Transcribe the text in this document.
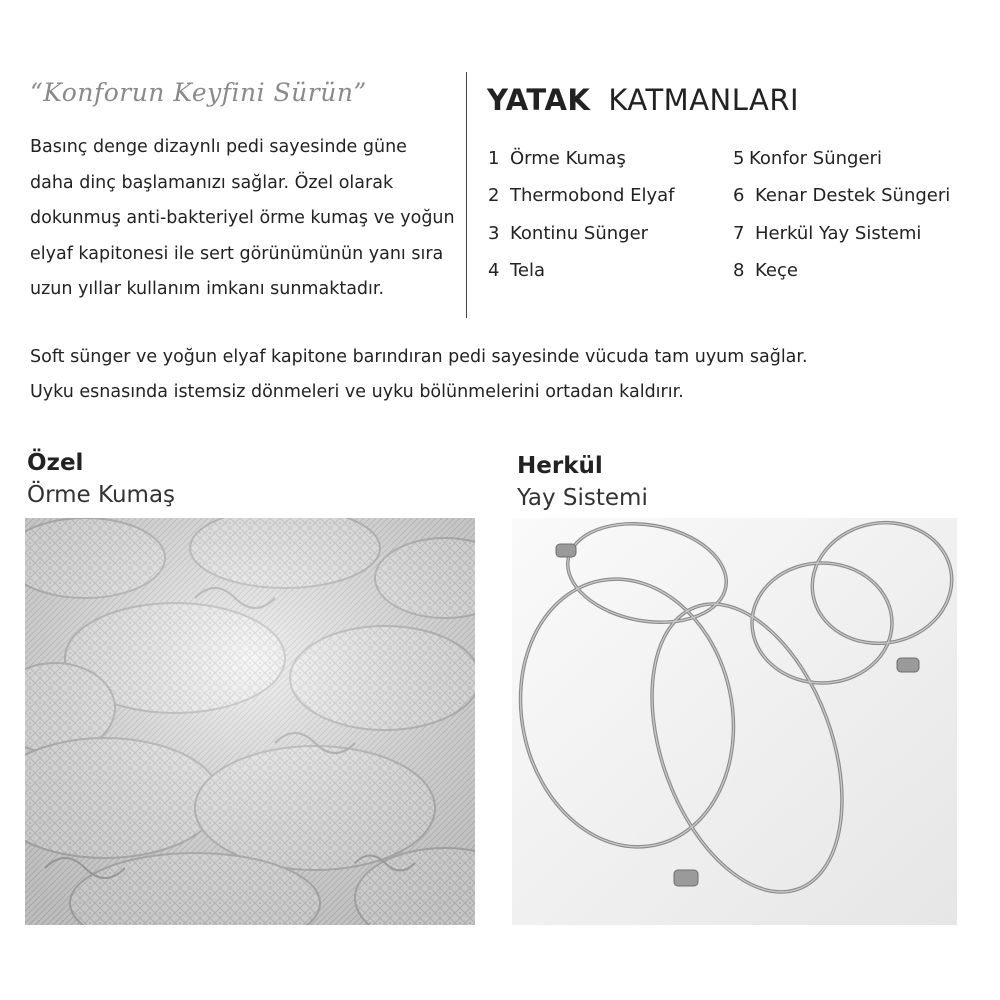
“Konforun Keyfini Sürün”
Basınç denge dizaynlı pedi sayesinde güne daha dinç başlamanızı sağlar. Özel olarak dokunmuş anti-bakteriyel örme kumaş ve yoğun elyaf kapitonesi ile sert görünümünün yanı sıra uzun yıllar kullanım imkanı sunmaktadır.
YATAK KATMANLARI
1 Örme Kumaş
2 Thermobond Elyaf
3 Kontinu Sünger
4 Tela
5 Konfor Süngeri
6 Kenar Destek Süngeri
7 Herkül Yay Sistemi
8 Keçe
Soft sünger ve yoğun elyaf kapitone barındıran pedi sayesinde vücuda tam uyum sağlar.
Uyku esnasında istemsiz dönmeleri ve uyku bölünmelerini ortadan kaldırır.
Özel
Örme Kumaş
Herkül
Yay Sistemi
